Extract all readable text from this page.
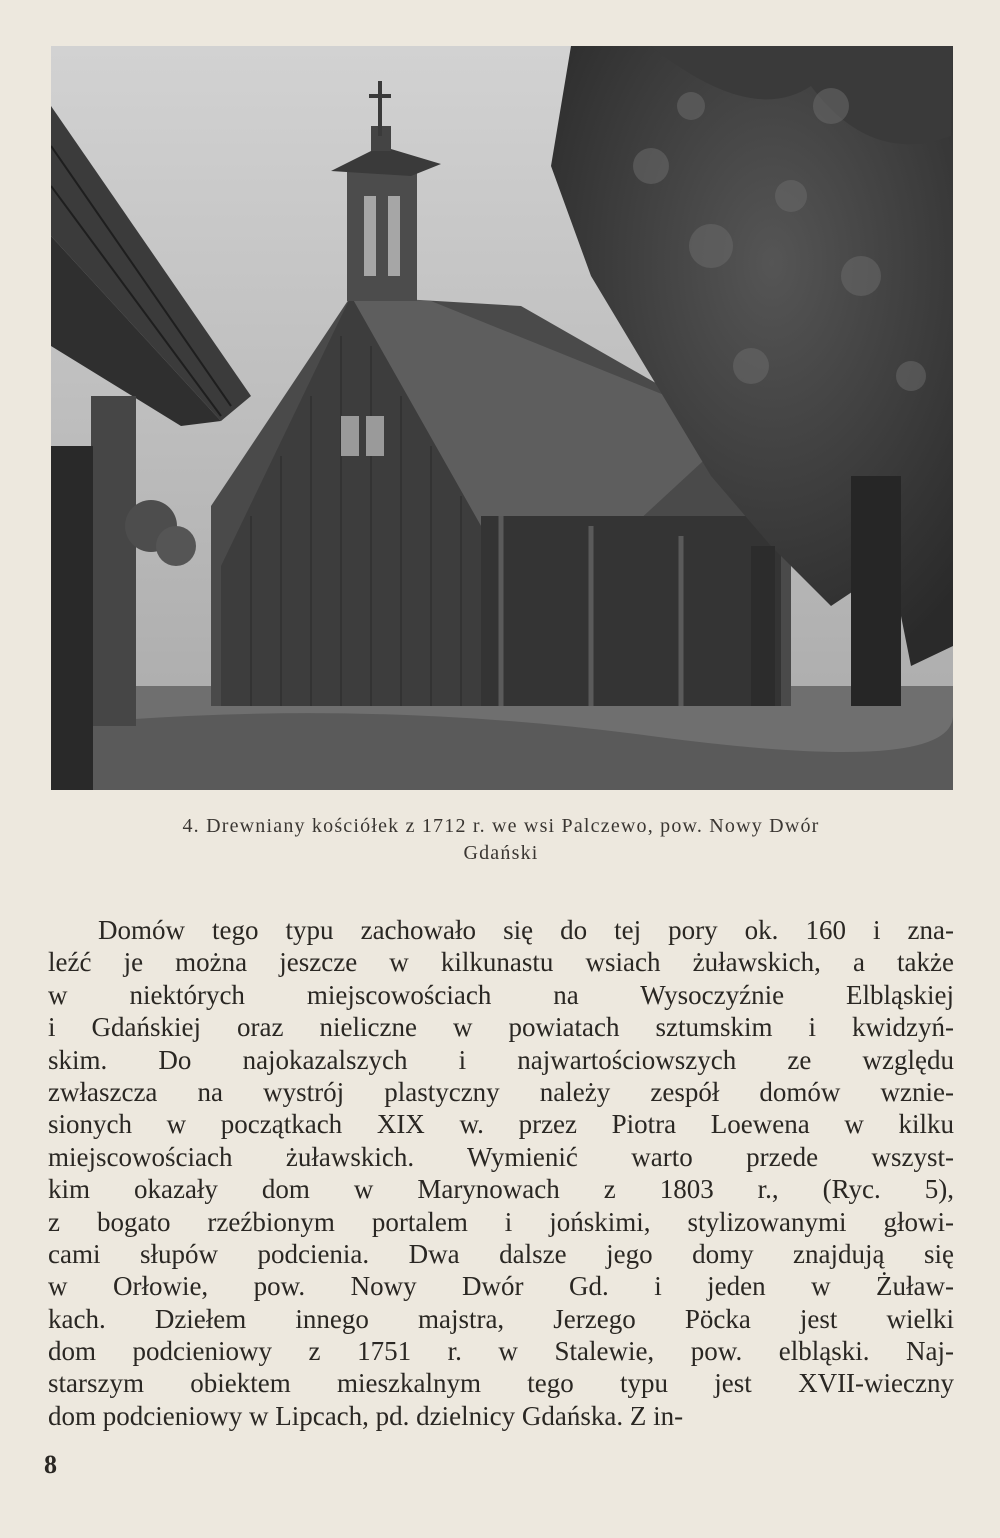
4. Drewniany kościółek z 1712 r. we wsi Palczewo, pow. Nowy Dwór
Gdański
Domów tego typu zachowało się do tej pory ok. 160 i zna-
leźć je można jeszcze w kilkunastu wsiach żuławskich, a także
w niektórych miejscowościach na Wysoczyźnie Elbląskiej
i Gdańskiej oraz nieliczne w powiatach sztumskim i kwidzyń-
skim. Do najokazalszych i najwartościowszych ze względu
zwłaszcza na wystrój plastyczny należy zespół domów wznie-
sionych w początkach XIX w. przez Piotra Loewena w kilku
miejscowościach żuławskich. Wymienić warto przede wszyst-
kim okazały dom w Marynowach z 1803 r., (Ryc. 5),
z bogato rzeźbionym portalem i jońskimi, stylizowanymi głowi-
cami słupów podcienia. Dwa dalsze jego domy znajdują się
w Orłowie, pow. Nowy Dwór Gd. i jeden w Żuław-
kach. Dziełem innego majstra, Jerzego Pöcka jest wielki
dom podcieniowy z 1751 r. w Stalewie, pow. elbląski. Naj-
starszym obiektem mieszkalnym tego typu jest XVII-wieczny
dom podcieniowy w Lipcach, pd. dzielnicy Gdańska. Z in-
8
